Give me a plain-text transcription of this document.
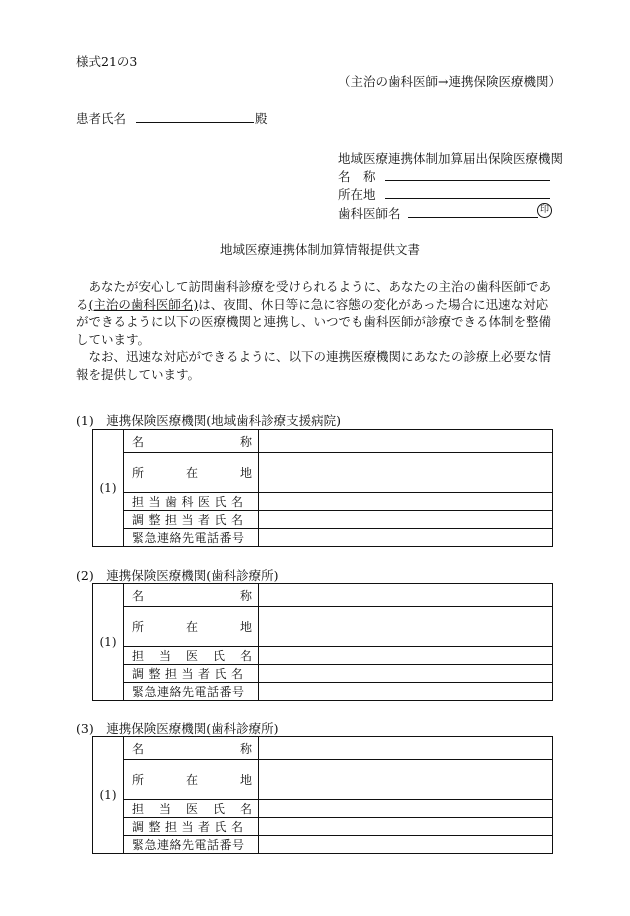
様式21の3
（主治の歯科医師→連携保険医療機関）
患者氏名	殿
地域医療連携体制加算届出保険医療機関
名　称
所在地
歯科医師名	印
地域医療連携体制加算情報提供文書

あなたが安心して訪問歯科診療を受けられるように、あなたの主治の歯科医師である(主治の歯科医師名)は、夜間、休日等に急に容態の変化があった場合に迅速な対応ができるように以下の医療機関と連携し、いつでも歯科医師が診療できる体制を整備しています。

なお、迅速な対応ができるように、以下の連携医療機関にあなたの診療上必要な情報を提供しています。

(1)　連携保険医療機関(地域歯科診療支援病院)
(1)	名 称	

	所 在 地	

	担当歯科医氏名	

	調整担当者氏名	

	緊急連絡先電話番号	

(2)　連携保険医療機関(歯科診療所)
(1)	名 称	

	所 在 地	

	担 当 医 氏 名	

	調整担当者氏名	

	緊急連絡先電話番号	

(3)　連携保険医療機関(歯科診療所)
(1)	名 称	

	所 在 地	

	担 当 医 氏 名	

	調整担当者氏名	

	緊急連絡先電話番号	
